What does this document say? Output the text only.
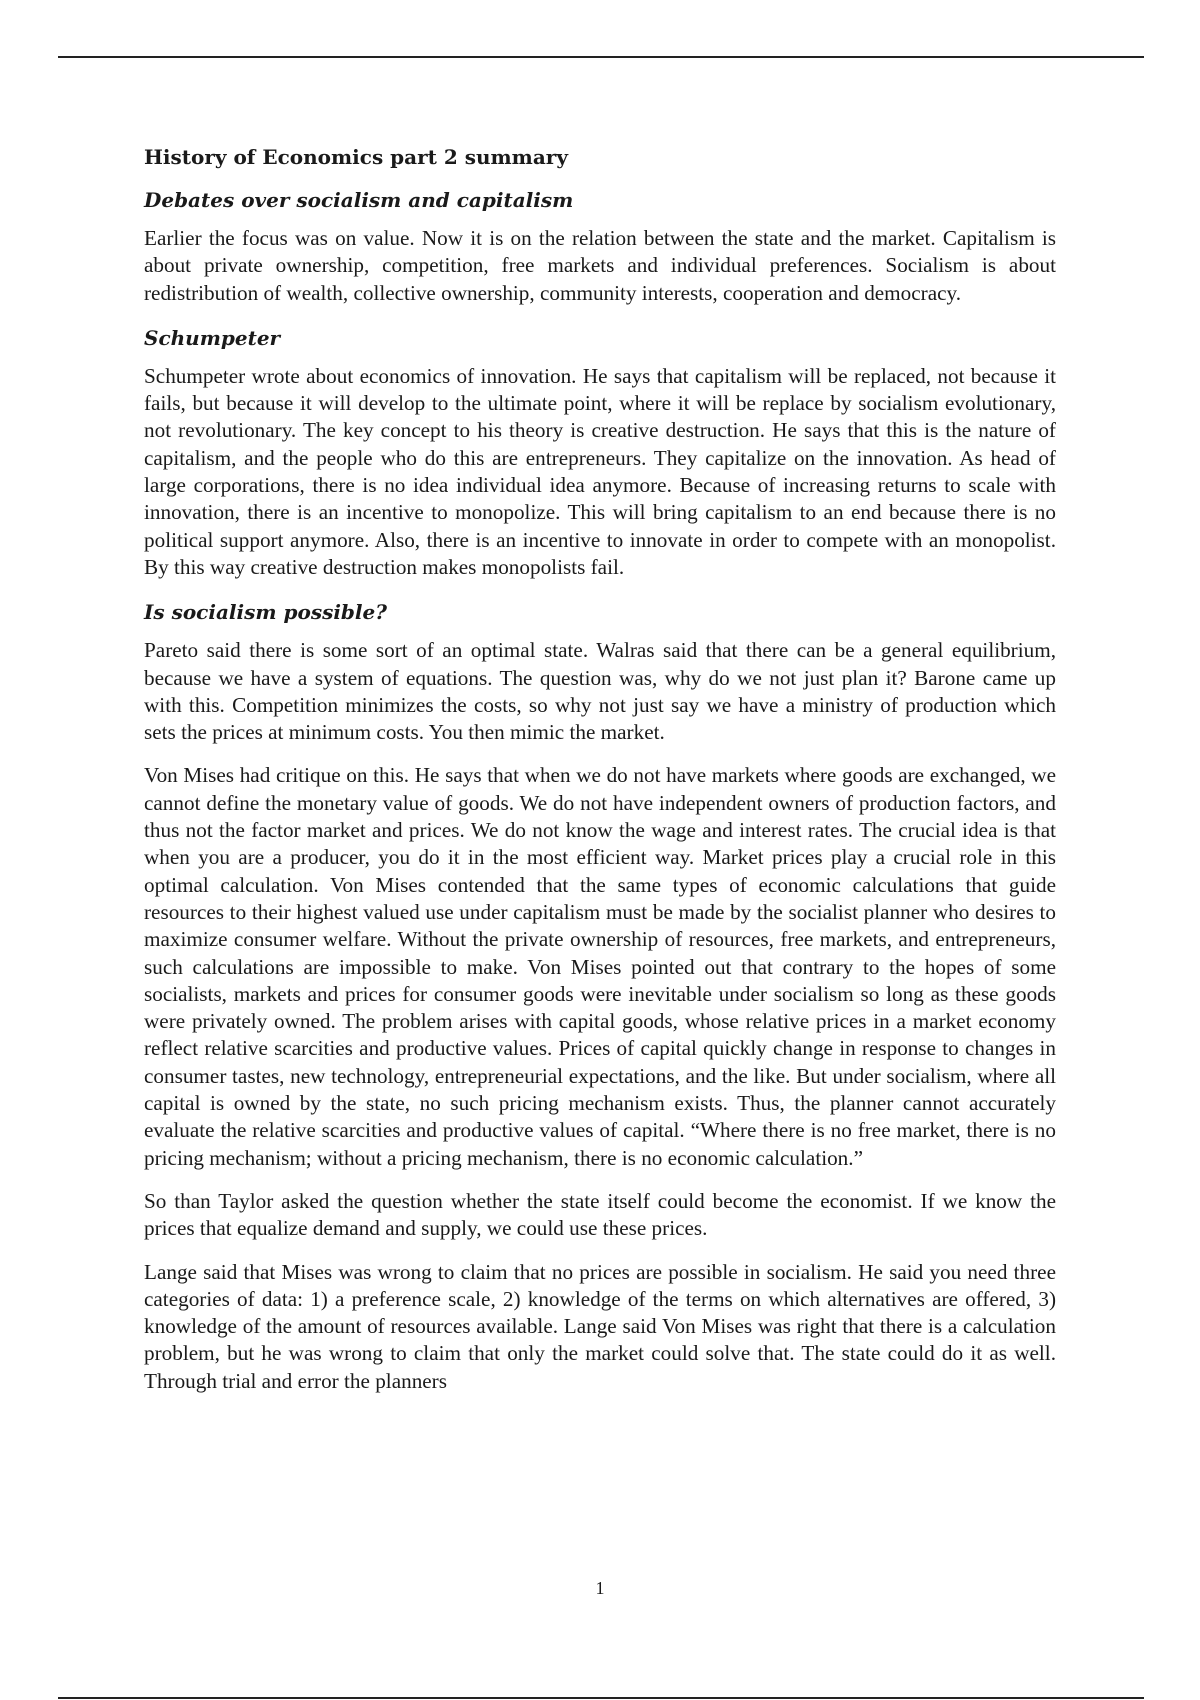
History of Economics part 2 summary
Debates over socialism and capitalism

Earlier the focus was on value. Now it is on the relation between the state and the market. Capitalism is about private ownership, competition, free markets and individual preferences. Socialism is about redistribution of wealth, collective ownership, community interests, cooperation and democracy.

Schumpeter

Schumpeter wrote about economics of innovation. He says that capitalism will be replaced, not because it fails, but because it will develop to the ultimate point, where it will be replace by socialism evolutionary, not revolutionary. The key concept to his theory is creative destruction. He says that this is the nature of capitalism, and the people who do this are entrepreneurs. They capitalize on the innovation. As head of large corporations, there is no idea individual idea anymore. Because of increasing returns to scale with innovation, there is an incentive to monopolize. This will bring capitalism to an end because there is no political support anymore. Also, there is an incentive to innovate in order to compete with an monopolist. By this way creative destruction makes monopolists fail.

Is socialism possible?

Pareto said there is some sort of an optimal state. Walras said that there can be a general equilibrium, because we have a system of equations. The question was, why do we not just plan it? Barone came up with this. Competition minimizes the costs, so why not just say we have a ministry of production which sets the prices at minimum costs. You then mimic the market.

Von Mises had critique on this. He says that when we do not have markets where goods are exchanged, we cannot define the monetary value of goods. We do not have independent owners of production factors, and thus not the factor market and prices. We do not know the wage and interest rates. The crucial idea is that when you are a producer, you do it in the most efficient way. Market prices play a crucial role in this optimal calculation. Von Mises contended that the same types of economic calculations that guide resources to their highest valued use under capitalism must be made by the socialist planner who desires to maximize consumer welfare. Without the private ownership of resources, free markets, and entrepreneurs, such calculations are impossible to make. Von Mises pointed out that contrary to the hopes of some socialists, markets and prices for consumer goods were inevitable under socialism so long as these goods were privately owned. The problem arises with capital goods, whose relative prices in a market economy reflect relative scarcities and productive values. Prices of capital quickly change in response to changes in consumer tastes, new technology, entrepreneurial expectations, and the like. But under socialism, where all capital is owned by the state, no such pricing mechanism exists. Thus, the planner cannot accurately evaluate the relative scarcities and productive values of capital. “Where there is no free market, there is no pricing mechanism; without a pricing mechanism, there is no economic calculation.”

So than Taylor asked the question whether the state itself could become the economist. If we know the prices that equalize demand and supply, we could use these prices.

Lange said that Mises was wrong to claim that no prices are possible in socialism. He said you need three categories of data: 1) a preference scale, 2) knowledge of the terms on which alternatives are offered, 3) knowledge of the amount of resources available. Lange said Von Mises was right that there is a calculation problem, but he was wrong to claim that only the market could solve that. The state could do it as well. Through trial and error the planners

1
